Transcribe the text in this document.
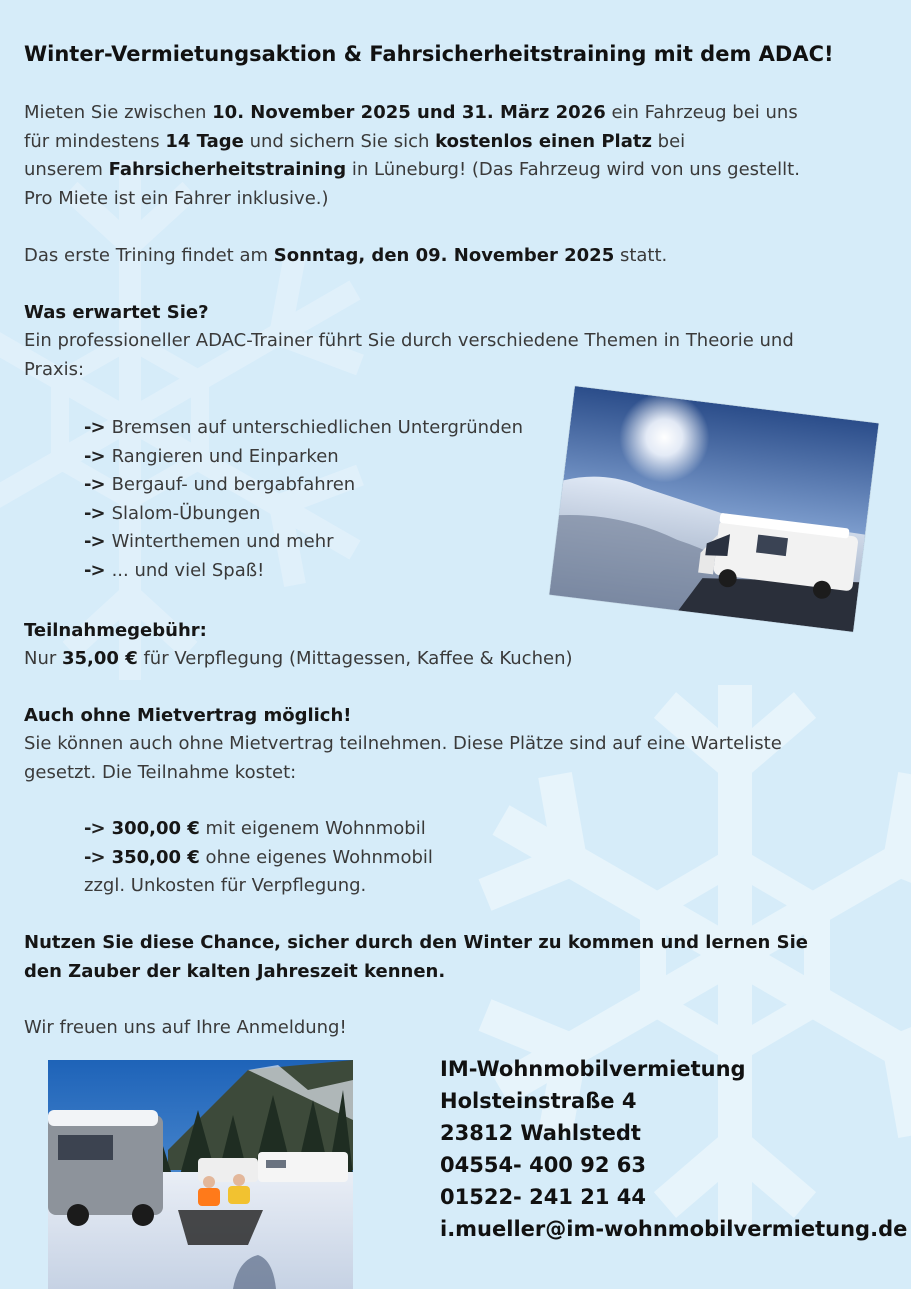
Winter-Vermietungsaktion & Fahrsicherheitstraining mit dem ADAC!
Mieten Sie zwischen 10. November 2025 und 31. März 2026 ein Fahrzeug bei uns
für mindestens 14 Tage und sichern Sie sich kostenlos einen Platz bei
unserem Fahrsicherheitstraining in Lüneburg! (Das Fahrzeug wird von uns gestellt.
Pro Miete ist ein Fahrer inklusive.)
Das erste Trining findet am Sonntag, den 09. November 2025 statt.
Was erwartet Sie?
Ein professioneller ADAC-Trainer führt Sie durch verschiedene Themen in Theorie und
Praxis:
-> Bremsen auf unterschiedlichen Untergründen
-> Rangieren und Einparken
-> Bergauf- und bergabfahren
-> Slalom-Übungen
-> Winterthemen und mehr
-> ... und viel Spaß!
Teilnahmegebühr:
Nur 35,00 € für Verpflegung (Mittagessen, Kaffee & Kuchen)
Auch ohne Mietvertrag möglich!
Sie können auch ohne Mietvertrag teilnehmen. Diese Plätze sind auf eine Warteliste
gesetzt. Die Teilnahme kostet:
-> 300,00 € mit eigenem Wohnmobil
-> 350,00 € ohne eigenes Wohnmobil
zzgl. Unkosten für Verpflegung.
Nutzen Sie diese Chance, sicher durch den Winter zu kommen und lernen Sie
den Zauber der kalten Jahreszeit kennen.
Wir freuen uns auf Ihre Anmeldung!
IM-Wohnmobilvermietung
Holsteinstraße 4
23812 Wahlstedt
04554- 400 92 63
01522- 241 21 44
i.mueller@im-wohnmobilvermietung.de
